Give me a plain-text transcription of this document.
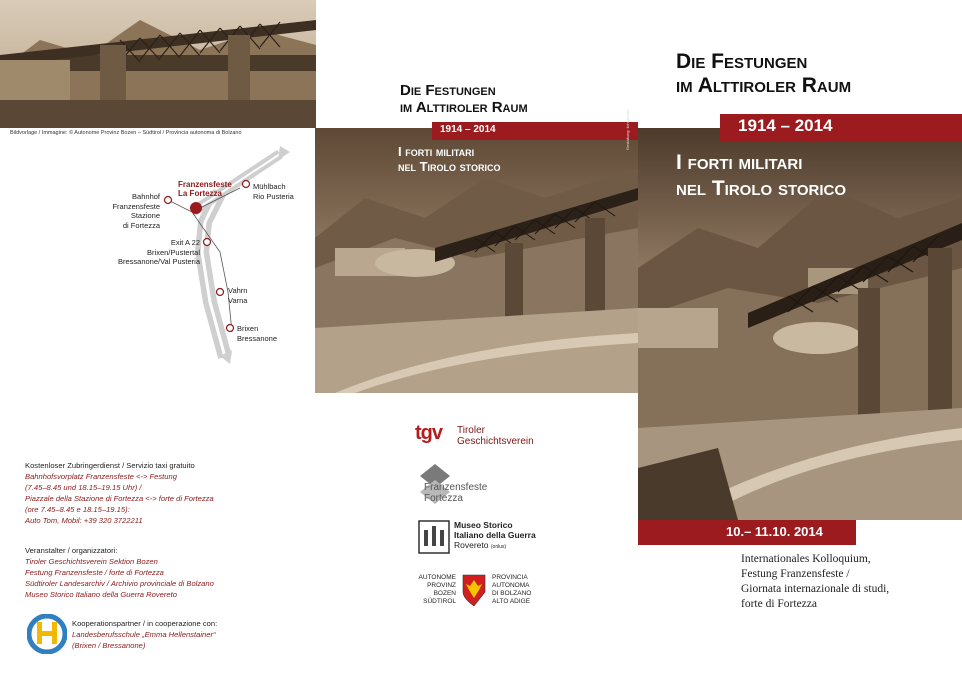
Bildvorlage / Immagine: © Autonome Provinz Bozen – Südtirol / Provincia autonoma di Bolzano
Franzensfeste
La Fortezza
Bahnhof
Franzensfeste
Stazione
di Fortezza
Mühlbach
Rio Pusteria
Exit A 22
Brixen/Pustertal
Bressanone/Val Pusteria
Vahrn
Varna
Brixen
Bressanone
Kostenloser Zubringerdienst / Servizio taxi gratuito
Bahnhofsvorplatz Franzensfeste <-> Festung
(7.45–8.45 und 18.15–19.15 Uhr) /
Piazzale della Stazione di Fortezza <-> forte di Fortezza
(ore 7.45–8.45 e 18.15–19.15):
Auto Tom, Mobil: +39 320 3722211
Veranstalter / organizzatori:
Tiroler Geschichtsverein Sektion Bozen
Festung Franzensfeste / forte di Fortezza
Südtiroler Landesarchiv / Archivio provinciale di Bolzano
Museo Storico Italiano della Guerra Rovereto
Kooperationspartner / in cooperazione con:
Landesberufsschule „Emma Hellenstainer“
(Brixen / Bressanone)
Die Festungen
im Alttiroler Raum
1914 – 2014
I forti militari
nel Tirolo storico
Gestaltung: lichtgestalt
tgv Tiroler
Geschichtsverein
Franzensfeste
Fortezza
Museo Storico
Italiano della Guerra
Rovereto (onlus)
AUTONOME
PROVINZ
BOZEN
SÜDTIROL
PROVINCIA
AUTONOMA
DI BOLZANO
ALTO ADIGE
Die Festungen
im Alttiroler Raum
1914 – 2014
I forti militari
nel Tirolo storico
10.– 11.10. 2014
Internationales Kolloquium,
Festung Franzensfeste /
Giornata internazionale di studi,
forte di Fortezza
